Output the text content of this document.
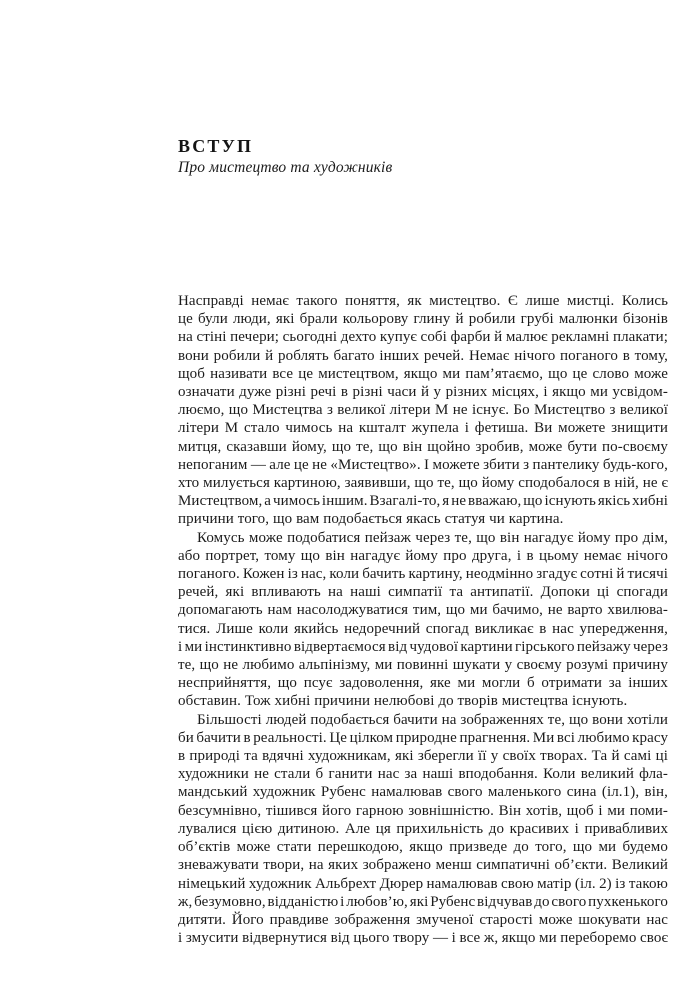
ВСТУП

Про мистецтво та художників

Насправді немає такого поняття, як мистецтво. Є лише мистці. Колись
це були люди, які брали кольорову глину й робили грубі малюнки бізонів
на стіні печери; сьогодні дехто купує собі фарби й малює рекламні плакати;
вони робили й роблять багато інших речей. Немає нічого поганого в тому,
щоб називати все це мистецтвом, якщо ми пам’ятаємо, що це слово може
означати дуже різні речі в різні часи й у різних місцях, і якщо ми усвідом-
люємо, що Мистецтва з великої літери М не існує. Бо Мистецтво з великої
літери М стало чимось на кшталт жупела і фетиша. Ви можете знищити
митця, сказавши йому, що те, що він щойно зробив, може бути по-своєму
непоганим — але це не «Мистецтво». І можете збити з пантелику будь-кого,
хто милується картиною, заявивши, що те, що йому сподобалося в ній, не є
Мистецтвом, а чимось іншим. Взагалі-то, я не вважаю, що існують якісь хибні
причини того, що вам подобається якась статуя чи картина.
Комусь може подобатися пейзаж через те, що він нагадує йому про дім,
або портрет, тому що він нагадує йому про друга, і в цьому немає нічого
поганого. Кожен із нас, коли бачить картину, неодмінно згадує сотні й тисячі
речей, які впливають на наші симпатії та антипатії. Допоки ці спогади
допомагають нам насолоджуватися тим, що ми бачимо, не варто хвилюва-
тися. Лише коли якийсь недоречний спогад викликає в нас упередження,
і ми інстинктивно відвертаємося від чудової картини гірського пейзажу через
те, що не любимо альпінізму, ми повинні шукати у своєму розумі причину
несприйняття, що псує задоволення, яке ми могли б отримати за інших
обставин. Тож хибні причини нелюбові до творів мистецтва існують.
Більшості людей подобається бачити на зображеннях те, що вони хотіли
би бачити в реальності. Це цілком природне прагнення. Ми всі любимо красу
в природі та вдячні художникам, які зберегли її у своїх творах. Та й самі ці
художники не стали б ганити нас за наші вподобання. Коли великий фла-
мандський художник Рубенс намалював свого маленького сина (іл.1), він,
безсумнівно, тішився його гарною зовнішністю. Він хотів, щоб і ми поми-
лувалися цією дитиною. Але ця прихильність до красивих і привабливих
об’єктів може стати перешкодою, якщо призведе до того, що ми будемо
зневажувати твори, на яких зображено менш симпатичні об’єкти. Великий
німецький художник Альбрехт Дюрер намалював свою матір (іл. 2) із такою
ж, безумовно, відданістю і любов’ю, які Рубенс відчував до свого пухкенького
дитяти. Його правдиве зображення змученої старості може шокувати нас
і змусити відвернутися від цього твору — і все ж, якщо ми переборемо своє
